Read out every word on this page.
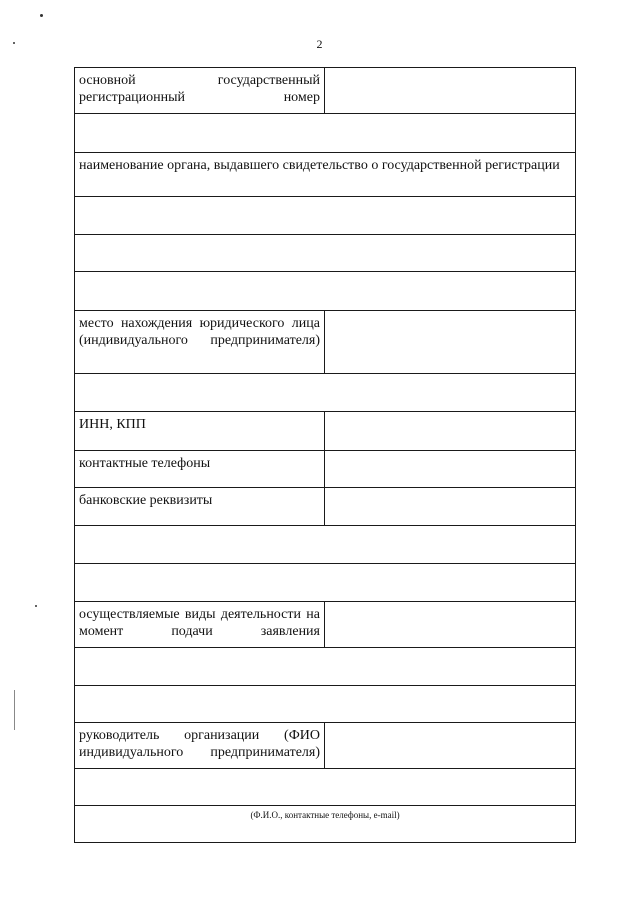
2
основной государственный регистрационный номер	

наименование органа, выдавшего свидетельство о государственной регистрации	

место нахождения юридического лица (индивидуального предпринимателя)	

ИНН, КПП	
контактные телефоны	
банковские реквизиты	

осуществляемые виды деятельности на момент подачи заявления	

руководитель организации (ФИО индивидуального предпринимателя)	

(Ф.И.О., контактные телефоны, e-mail)	
